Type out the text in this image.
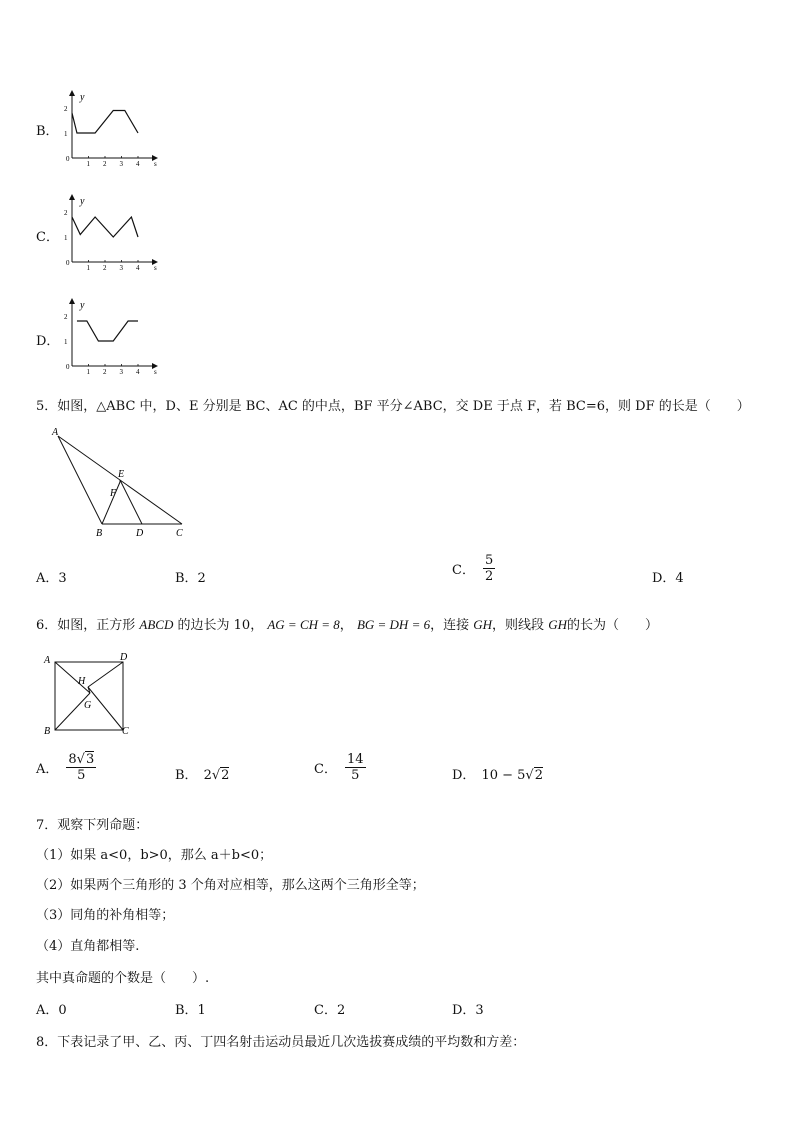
B．
y
s
0
1
2
1 2 3 4
C．
y
s
0
1
2
1 2 3 4
D．
y
s
0
1
2
1 2 3 4
5．如图，△ABC 中，D、E 分别是 BC、AC 的中点，BF 平分∠ABC，交 DE 于点 F，若 BC=6，则 DF 的长是（　　）
A
B	D	C
E
F
A．3	B．2
C． $\frac{5}{2}$	D．4
6．如图，正方形 ABCD 的边长为 10， AG = CH = 8， BG = DH = 6，连接 GH，则线段 GH的长为（　　）
A	D
B	C
H
G
A． $\frac{8√3}{5}$	B． 2√2	C． $\frac{14}{5}$	D． 10 − 5√2
7．观察下列命题：
（1）如果 a<0，b>0，那么 a＋b<0；
（2）如果两个三角形的 3 个角对应相等，那么这两个三角形全等；
（3）同角的补角相等；
（4）直角都相等.
其中真命题的个数是（　　）.
A．0	B．1	C．2	D．3
8．下表记录了甲、乙、丙、丁四名射击运动员最近几次选拔赛成绩的平均数和方差：
